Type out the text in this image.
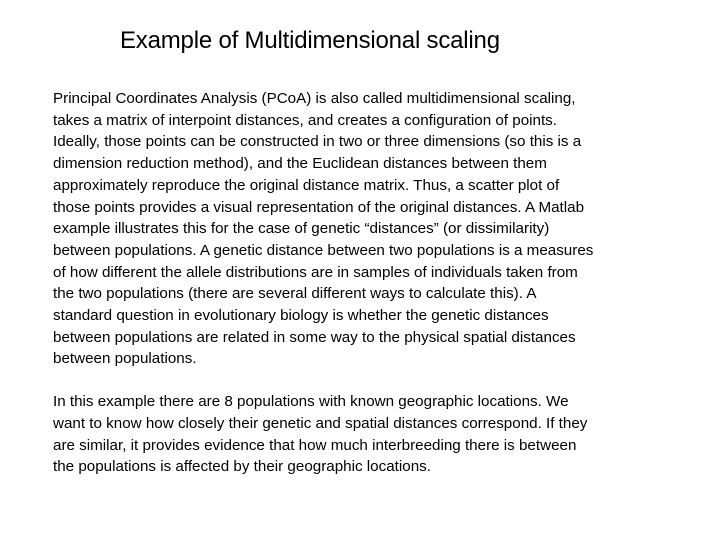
Example of Multidimensional scaling

Principal Coordinates Analysis (PCoA) is also called multidimensional scaling,
takes a matrix of interpoint distances, and creates a configuration of points.
Ideally, those points can be constructed in two or three dimensions (so this is a
dimension reduction method), and the Euclidean distances between them
approximately reproduce the original distance matrix. Thus, a scatter plot of
those points provides a visual representation of the original distances. A Matlab
example illustrates this for the case of genetic “distances” (or dissimilarity)
between populations. A genetic distance between two populations is a measures
of how different the allele distributions are in samples of individuals taken from
the two populations (there are several different ways to calculate this). A
standard question in evolutionary biology is whether the genetic distances
between populations are related in some way to the physical spatial distances
between populations.

In this example there are 8 populations with known geographic locations. We
want to know how closely their genetic and spatial distances correspond. If they
are similar, it provides evidence that how much interbreeding there is between
the populations is affected by their geographic locations.
